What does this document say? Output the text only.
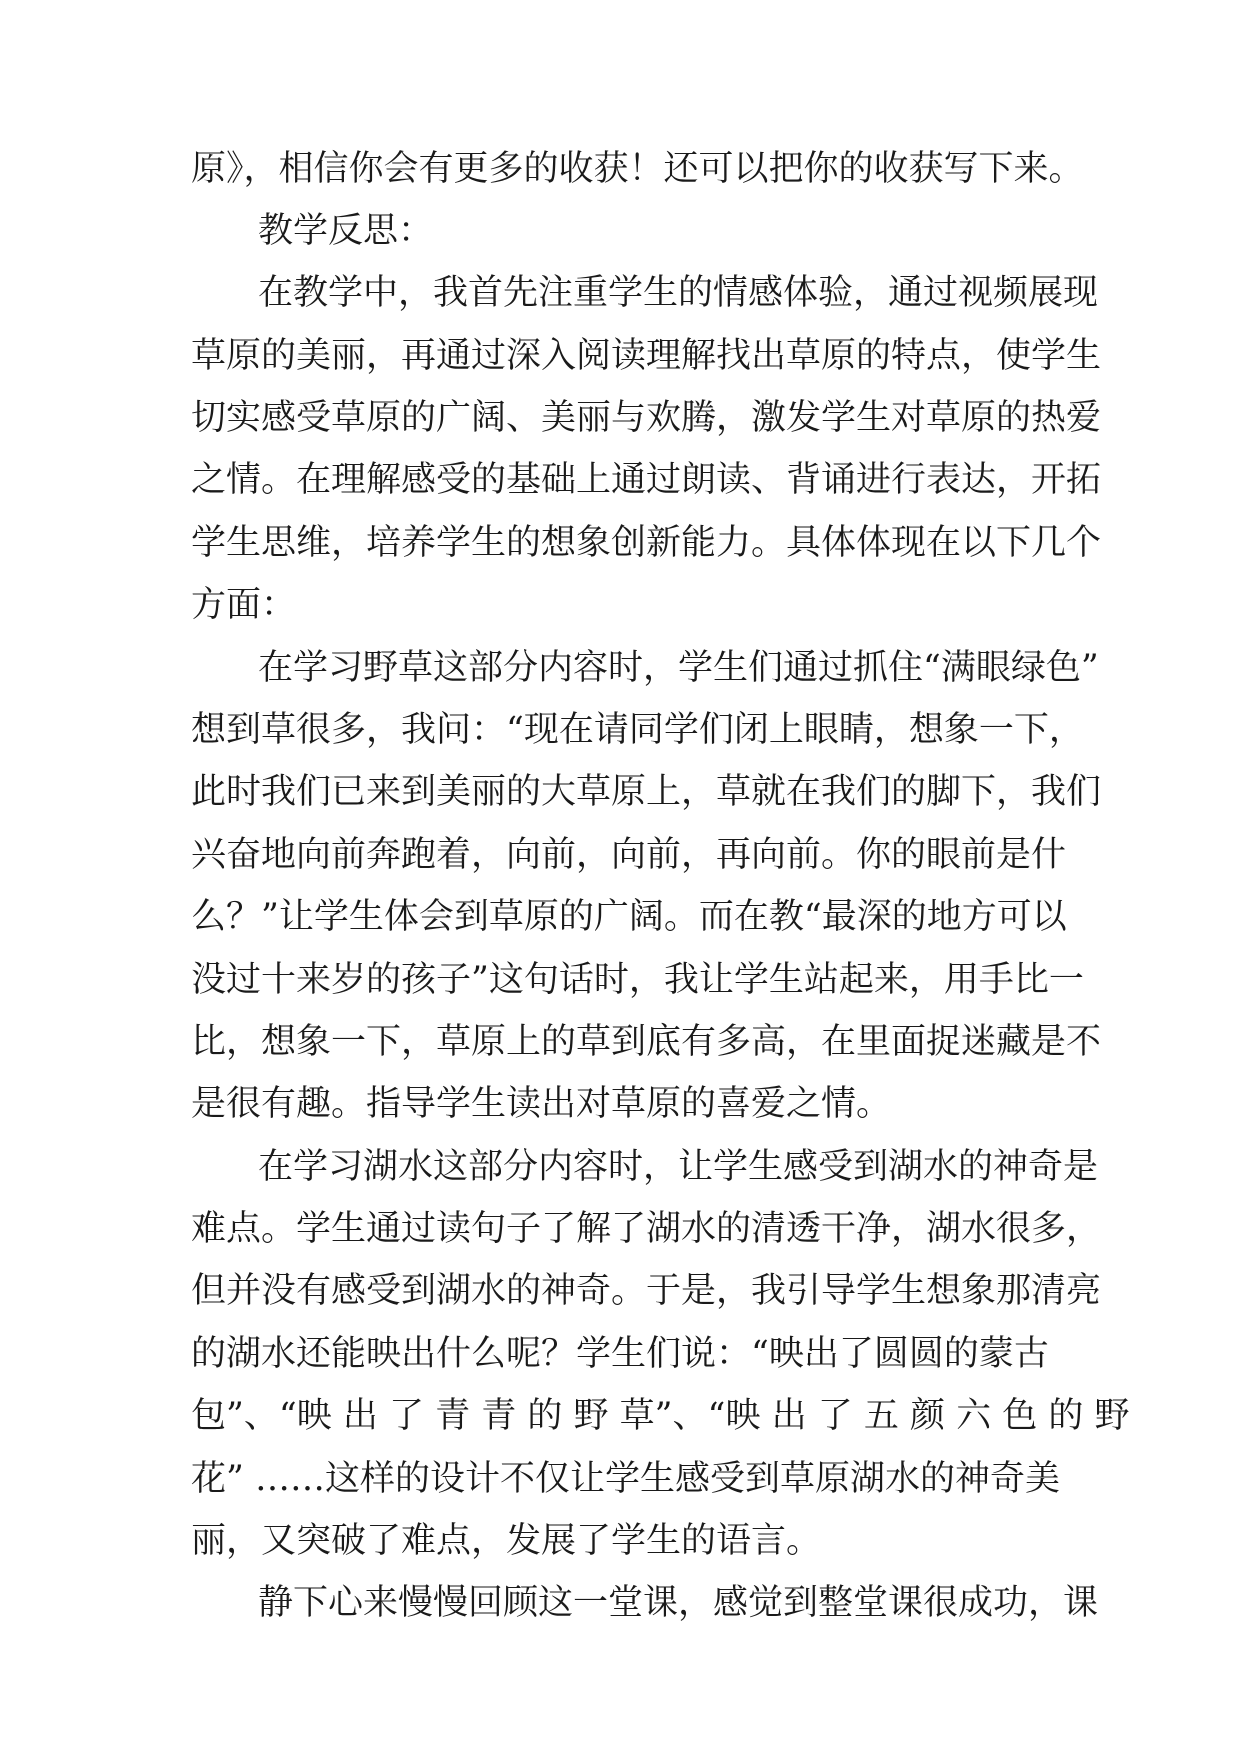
原》，相信你会有更多的收获！还可以把你的收获写下来。
教学反思：
在教学中，我首先注重学生的情感体验，通过视频展现
草原的美丽，再通过深入阅读理解找出草原的特点，使学生
切实感受草原的广阔、美丽与欢腾，激发学生对草原的热爱
之情。在理解感受的基础上通过朗读、背诵进行表达，开拓
学生思维，培养学生的想象创新能力。具体体现在以下几个
方面：
在学习野草这部分内容时，学生们通过抓住“满眼绿色”
想到草很多，我问：“现在请同学们闭上眼睛，想象一下，
此时我们已来到美丽的大草原上，草就在我们的脚下，我们
兴奋地向前奔跑着，向前，向前，再向前。你的眼前是什
么？”让学生体会到草原的广阔。而在教“最深的地方可以
没过十来岁的孩子”这句话时，我让学生站起来，用手比一
比，想象一下，草原上的草到底有多高，在里面捉迷藏是不
是很有趣。指导学生读出对草原的喜爱之情。
在学习湖水这部分内容时，让学生感受到湖水的神奇是
难点。学生通过读句子了解了湖水的清透干净，湖水很多，
但并没有感受到湖水的神奇。于是，我引导学生想象那清亮
的湖水还能映出什么呢？学生们说：“映出了圆圆的蒙古
包”、“映 出 了 青 青 的 野 草”、“映 出 了 五 颜 六 色 的 野
花” ……这样的设计不仅让学生感受到草原湖水的神奇美
丽，又突破了难点，发展了学生的语言。
静下心来慢慢回顾这一堂课，感觉到整堂课很成功，课
